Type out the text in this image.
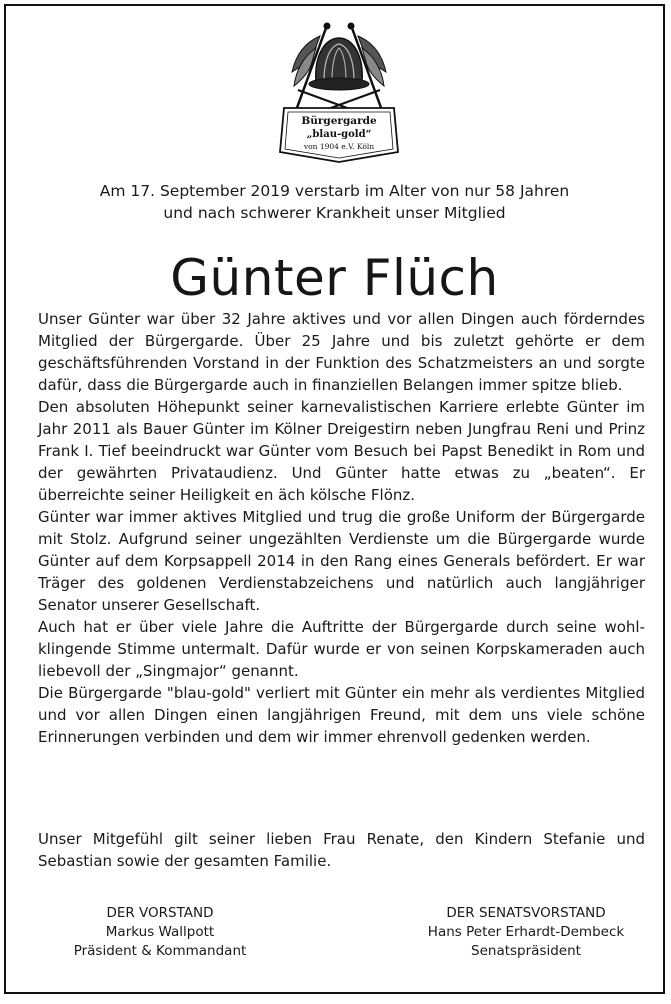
Bürgergarde
„blau-gold“
von 1904 e.V. Köln
Am 17. September 2019 verstarb im Alter von nur 58 Jahren
und nach schwerer Krankheit unser Mitglied
Günter Flüch

Unser Günter war über 32 Jahre aktives und vor allen Dingen auch förderndes Mitglied der Bürgergarde. Über 25 Jahre und bis zuletzt gehörte er dem geschäftsführenden Vorstand in der Funktion des Schatzmeisters an und sorgte dafür, dass die Bürgergarde auch in finanziellen Belangen immer spitze blieb.

Den absoluten Höhepunkt seiner karnevalistischen Karriere erlebte Günter im Jahr 2011 als Bauer Günter im Kölner Dreigestirn neben Jungfrau Reni und Prinz Frank I. Tief beeindruckt war Günter vom Besuch bei Papst Benedikt in Rom und der gewährten Privataudienz. Und Günter hatte etwas zu „beaten“. Er überreichte seiner Heiligkeit en äch kölsche Flönz.

Günter war immer aktives Mitglied und trug die große Uniform der Bürgergarde mit Stolz. Aufgrund seiner ungezählten Verdienste um die Bürgergarde wurde Günter auf dem Korpsappell 2014 in den Rang eines Generals befördert. Er war Träger des goldenen Verdienstabzeichens und natürlich auch langjähriger Senator unserer Gesellschaft.

Auch hat er über viele Jahre die Auftritte der Bürgergarde durch seine wohlklingende Stimme untermalt. Dafür wurde er von seinen Korpskameraden auch liebevoll der „Singmajor“ genannt.

Die Bürgergarde "blau-gold" verliert mit Günter ein mehr als verdientes Mitglied und vor allen Dingen einen langjährigen Freund, mit dem uns viele schöne Erinnerungen verbinden und dem wir immer ehrenvoll gedenken werden.

Unser Mitgefühl gilt seiner lieben Frau Renate, den Kindern Stefanie und Sebastian sowie der gesamten Familie.
DER VORSTAND
Markus Wallpott
Präsident & Kommandant
DER SENATSVORSTAND
Hans Peter Erhardt-Dembeck
Senatspräsident
